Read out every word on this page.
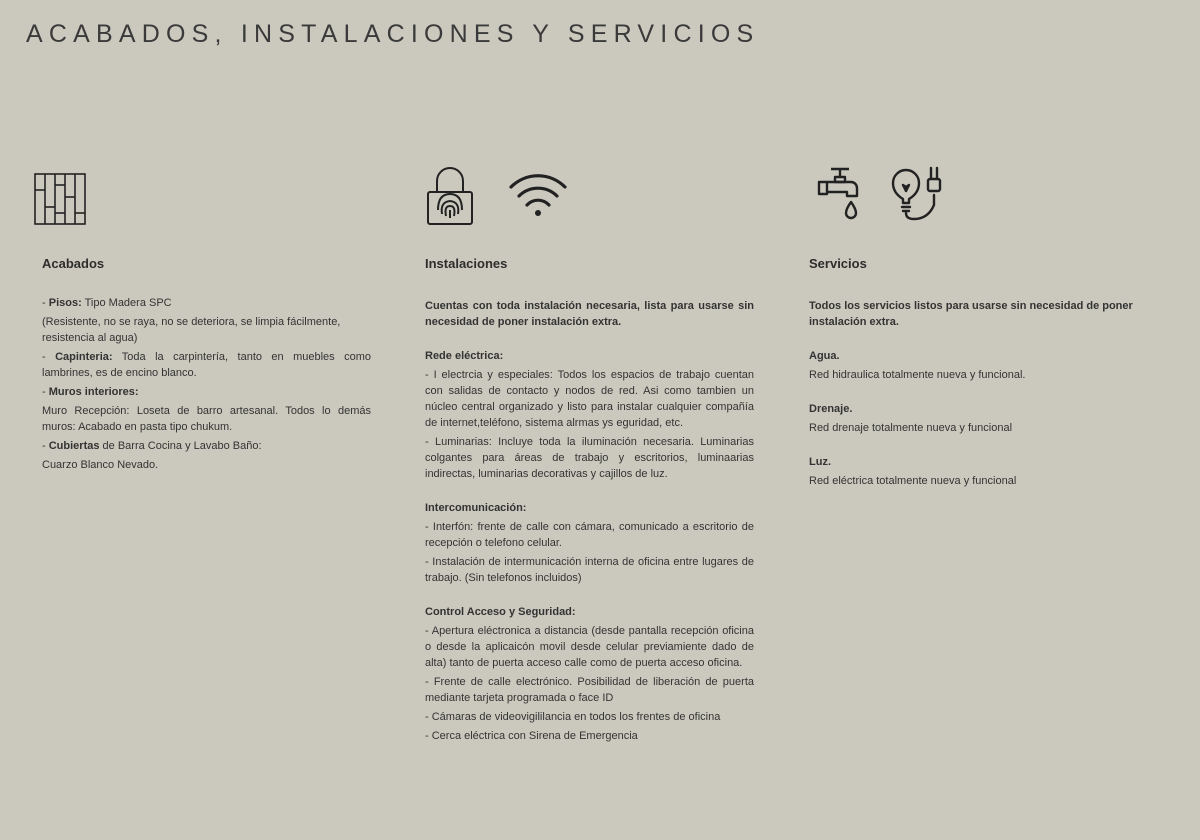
ACABADOS, INSTALACIONES Y SERVICIOS
Acabados

- Pisos: Tipo Madera SPC

(Resistente, no se raya, no se deteriora, se limpia fácilmente, resistencia al agua)

- Capinteria: Toda la carpintería, tanto en muebles como lambrines, es de encino blanco.

- Muros interiores:

Muro Recepción: Loseta de barro artesanal. Todos lo demás muros: Acabado en pasta tipo chukum.

- Cubiertas de Barra Cocina y Lavabo Baño:

Cuarzo Blanco Nevado.

Instalaciones

Cuentas con toda instalación necesaria, lista para usarse sin necesidad de poner instalación extra.

Rede eléctrica:

- I electrcia y especiales: Todos los espacios de trabajo cuentan con salidas de contacto y nodos de red. Asi como tambien un núcleo central organizado y listo para instalar cualquier compañía de internet,teléfono, sistema alrmas ys eguridad, etc.

- Luminarias: Incluye toda la iluminación necesaria. Luminarias colgantes para áreas de trabajo y escritorios, luminaarias indirectas, luminarias decorativas y cajillos de luz.

Intercomunicación:

- Interfón: frente de calle con cámara, comunicado a escritorio de recepción o telefono celular.

- Instalación de intermunicación interna de oficina entre lugares de trabajo. (Sin telefonos incluidos)

Control Acceso y Seguridad:

- Apertura eléctronica a distancia (desde pantalla recepción oficina o desde la aplicaicón movil desde celular previamiente dado de alta) tanto de puerta acceso calle como de puerta acceso oficina.

- Frente de calle electrónico. Posibilidad de liberación de puerta mediante tarjeta programada o face ID

- Cámaras de videovigililancia en todos los frentes de oficina

- Cerca eléctrica con Sirena de Emergencia

Servicios

Todos los servicios listos para usarse sin necesidad de poner instalación extra.

Agua.

Red hidraulica totalmente nueva y funcional.

Drenaje.

Red drenaje totalmente nueva y funcional

Luz.

Red eléctrica totalmente nueva y funcional
